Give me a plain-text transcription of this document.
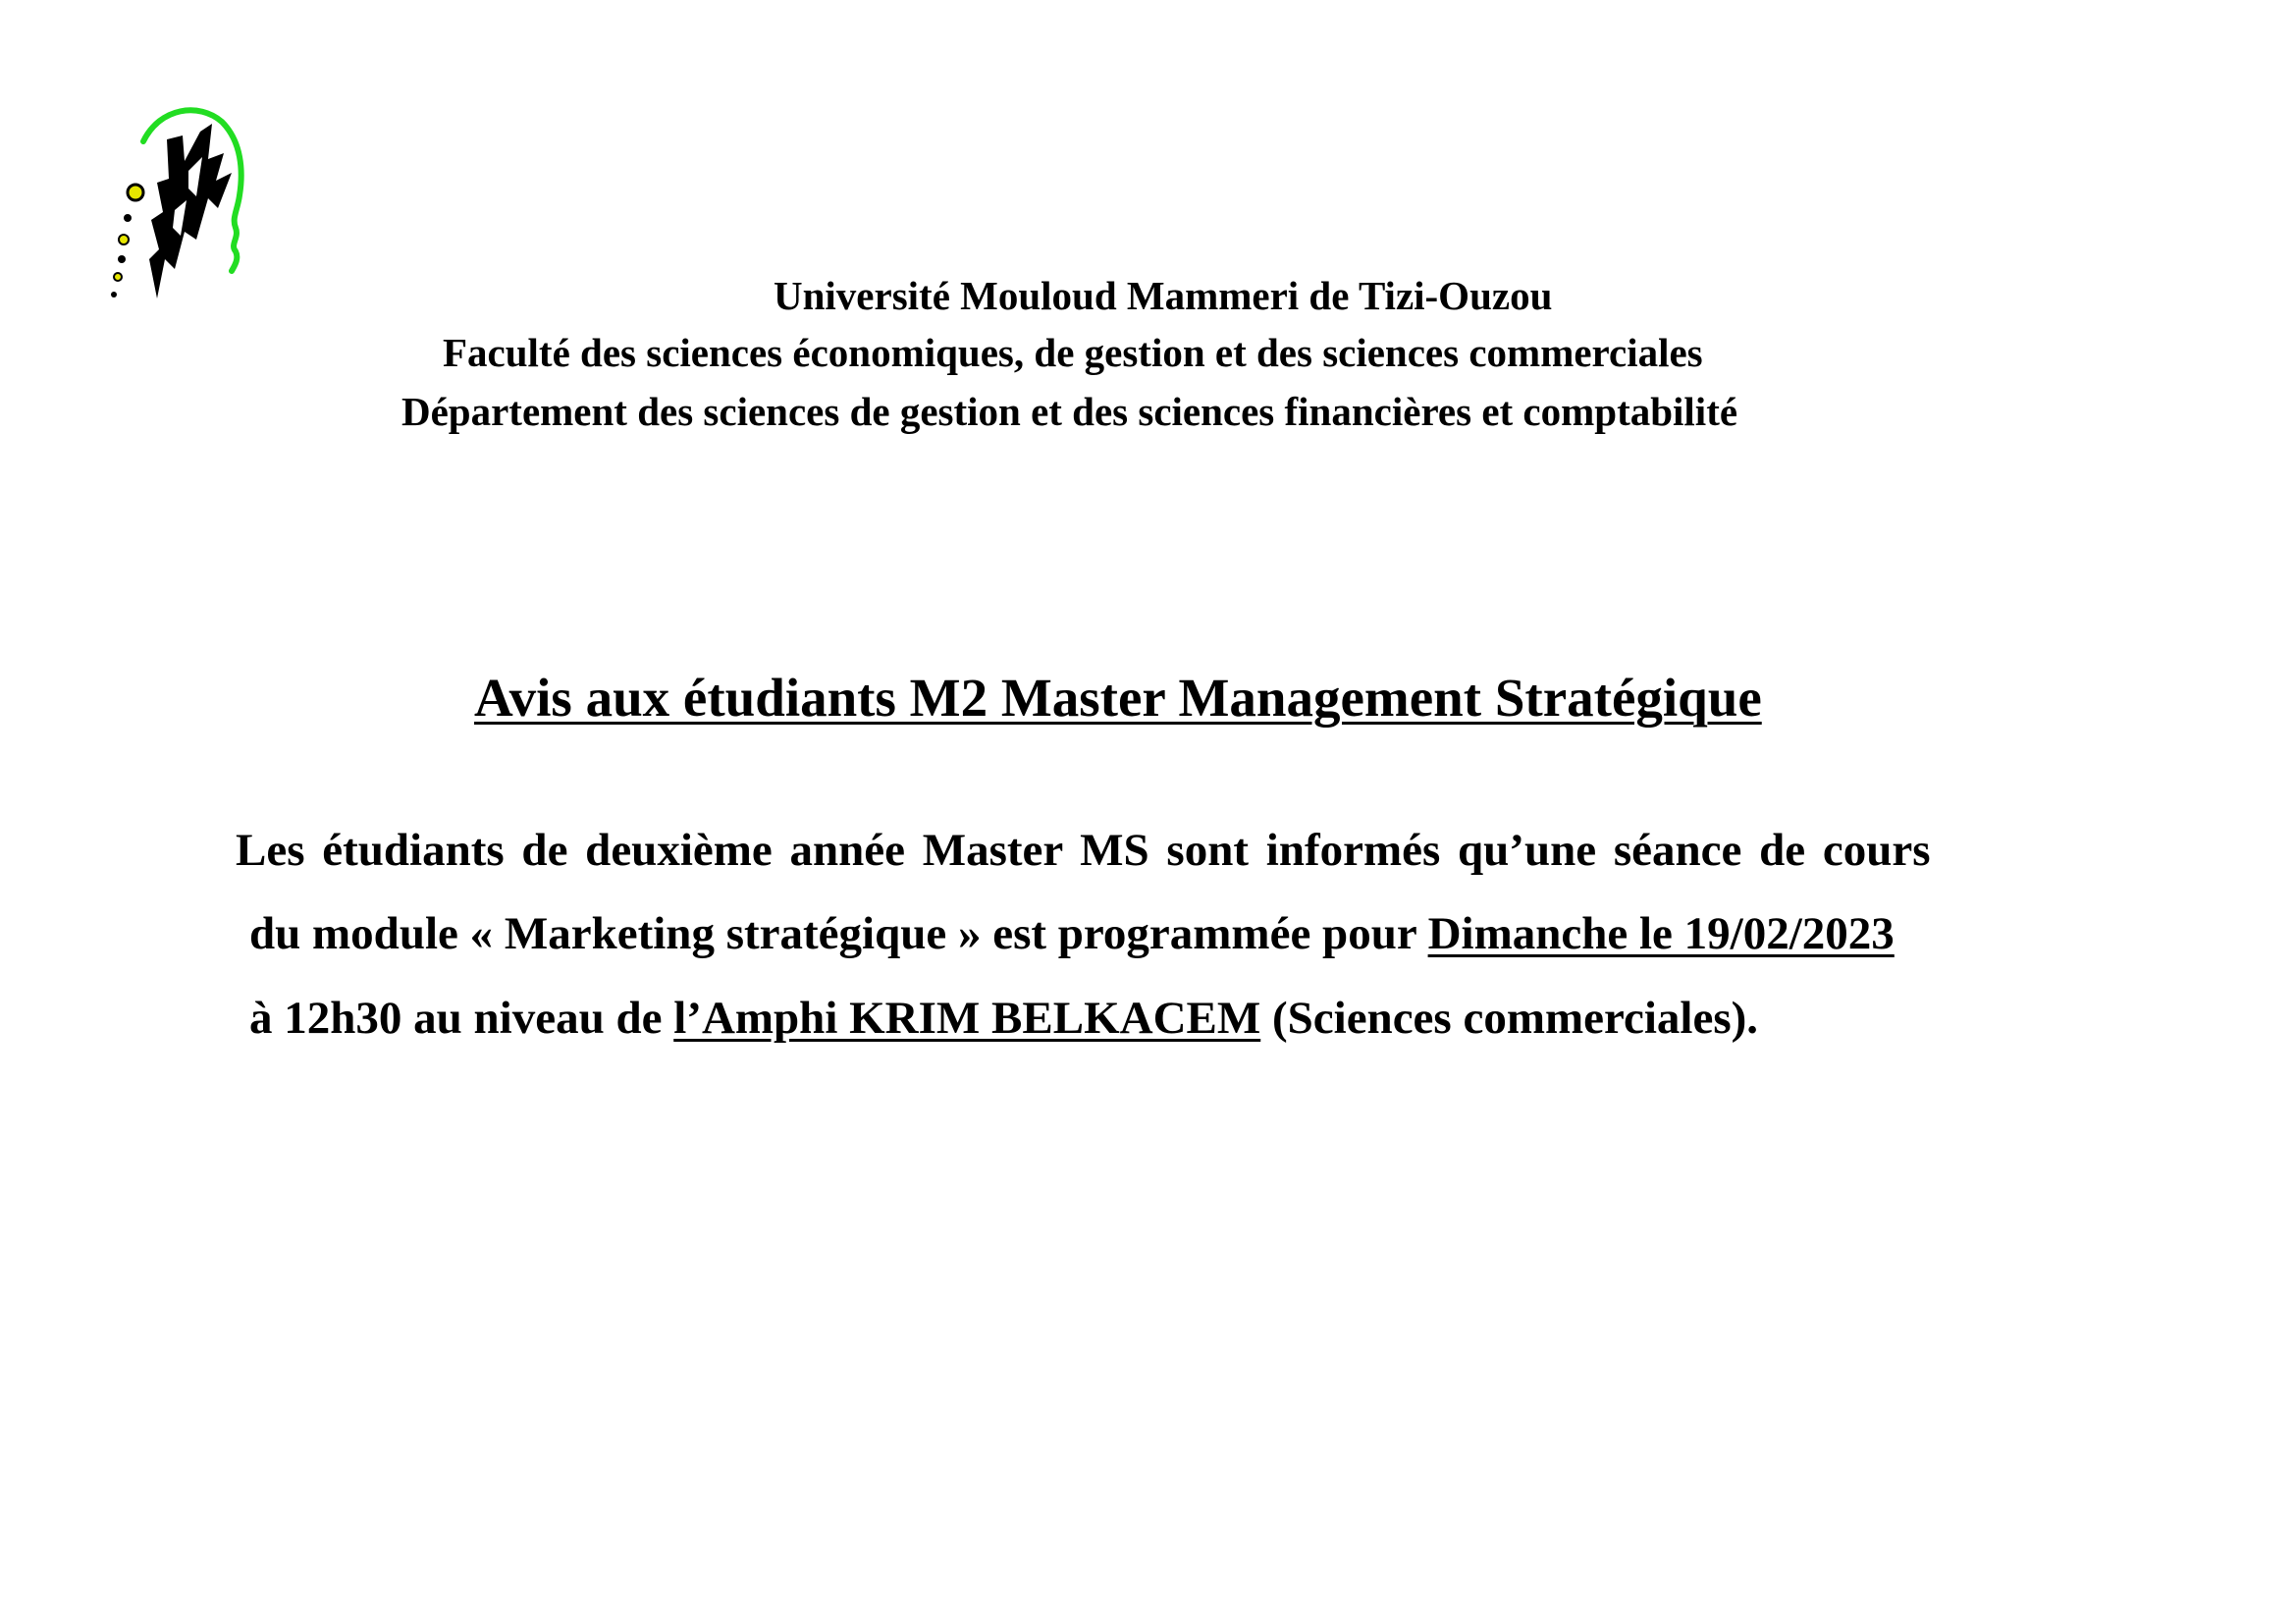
Université Mouloud Mammeri de Tizi-Ouzou
Faculté des sciences économiques, de gestion et des sciences commerciales
Département des sciences de gestion et des sciences financières et comptabilité
Avis aux étudiants M2 Master Management Stratégique
Les étudiants de deuxième année Master MS sont informés qu’une séance de cours
du module « Marketing stratégique » est programmée pour Dimanche le 19/02/2023
à 12h30 au niveau de l’Amphi KRIM BELKACEM (Sciences commerciales).
